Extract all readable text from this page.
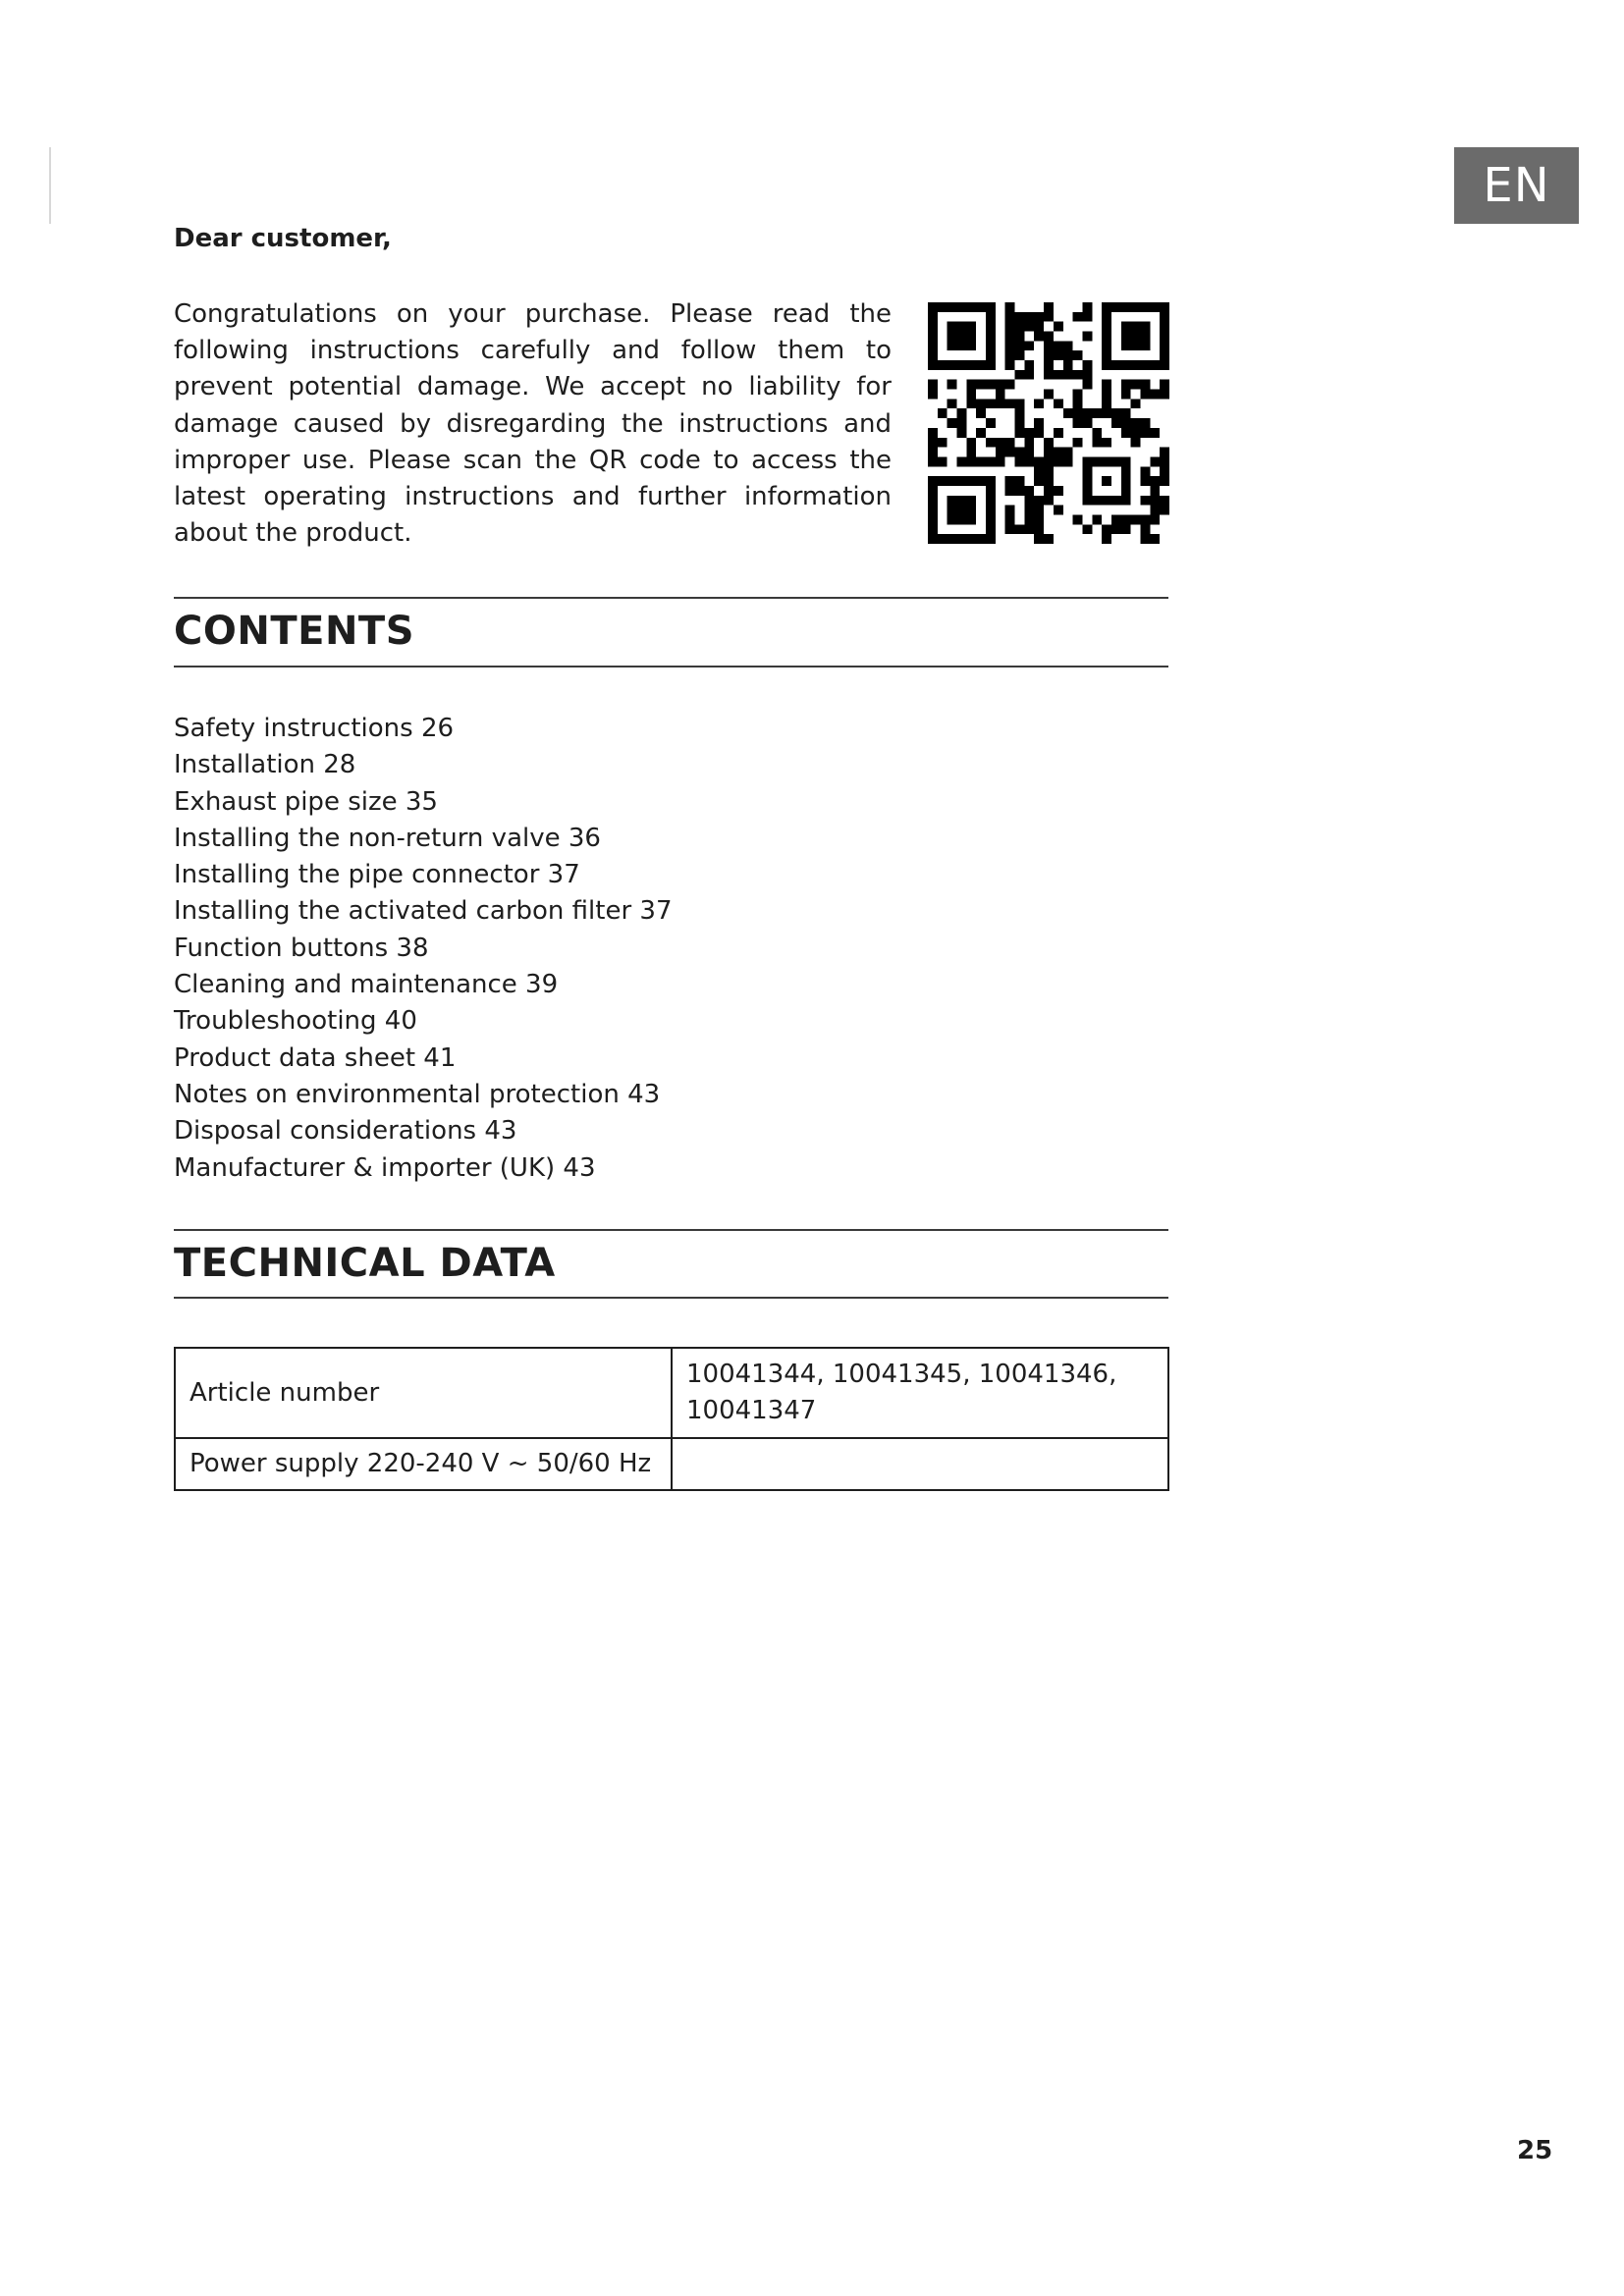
EN
Dear customer,

Congratulations on your purchase. Please read the following instructions carefully and follow them to prevent potential damage. We accept no liability for damage caused by disregarding the instructions and improper use. Please scan the QR code to access the latest operating instructions and further information about the product.

CONTENTS
Safety instructions 26
Installation 28
Exhaust pipe size 35
Installing the non-return valve 36
Installing the pipe connector 37
Installing the activated carbon filter 37
Function buttons 38
Cleaning and maintenance 39
Troubleshooting 40
Product data sheet 41
Notes on environmental protection 43
Disposal considerations 43
Manufacturer & importer (UK) 43
TECHNICAL DATA
Article number	10041344, 10041345, 10041346, 10041347
Power supply 220-240 V ~ 50/60 Hz	
25
